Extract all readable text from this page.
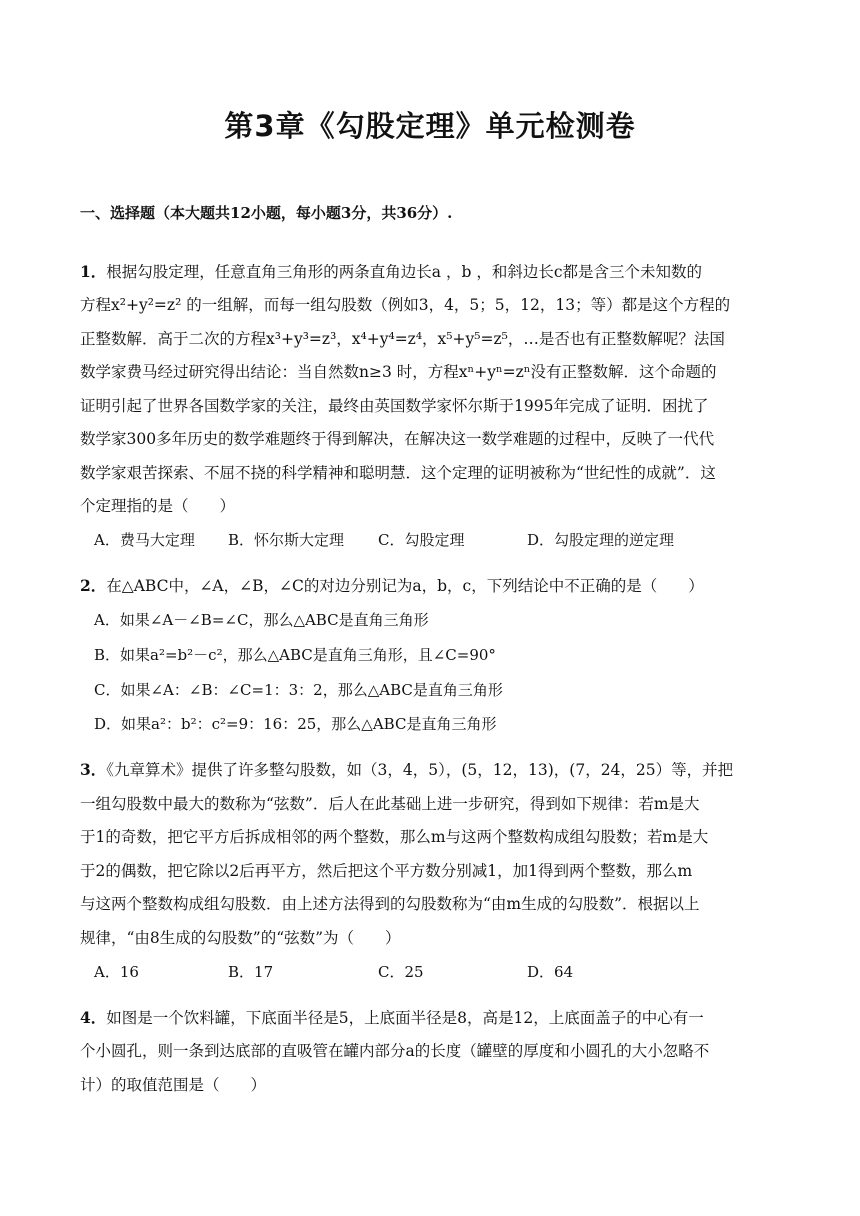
第3章《勾股定理》单元检测卷
一、选择题（本大题共12小题，每小题3分，共36分）.
1．根据勾股定理，任意直角三角形的两条直角边长a ，b ，和斜边长c都是含三个未知数的
方程x²+y²=z² 的一组解，而每一组勾股数（例如3，4，5；5，12，13；等）都是这个方程的
正整数解．高于二次的方程x³+y³=z³，x⁴+y⁴=z⁴，x⁵+y⁵=z⁵，…是否也有正整数解呢？法国
数学家费马经过研究得出结论：当自然数n≥3 时，方程xⁿ+yⁿ=zⁿ没有正整数解．这个命题的
证明引起了世界各国数学家的关注，最终由英国数学家怀尔斯于1995年完成了证明．困扰了
数学家300多年历史的数学难题终于得到解决，在解决这一数学难题的过程中，反映了一代代
数学家艰苦探索、不屈不挠的科学精神和聪明慧．这个定理的证明被称为“世纪性的成就”．这
个定理指的是（　　）
A．费马大定理 B．怀尔斯大定理 C．勾股定理	D．勾股定理的逆定理
2．在△ABC中，∠A，∠B，∠C的对边分别记为a，b，c，下列结论中不正确的是（　　）
A．如果∠A－∠B=∠C，那么△ABC是直角三角形
B．如果a²=b²－c²，那么△ABC是直角三角形，且∠C=90°
C．如果∠A：∠B：∠C=1：3：2，那么△ABC是直角三角形
D．如果a²：b²：c²=9：16：25，那么△ABC是直角三角形
3．《九章算术》提供了许多整勾股数，如（3，4，5），(5，12，13)，(7，24，25）等，并把
一组勾股数中最大的数称为“弦数”．后人在此基础上进一步研究，得到如下规律：若m是大
于1的奇数，把它平方后拆成相邻的两个整数，那么m与这两个整数构成组勾股数；若m是大
于2的偶数，把它除以2后再平方，然后把这个平方数分别减1，加1得到两个整数，那么m
与这两个整数构成组勾股数．由上述方法得到的勾股数称为“由m生成的勾股数”．根据以上
规律，“由8生成的勾股数”的“弦数”为（　　）
A．16	B．17	C．25	D．64
4．如图是一个饮料罐，下底面半径是5，上底面半径是8，高是12，上底面盖子的中心有一
个小圆孔，则一条到达底部的直吸管在罐内部分a的长度（罐壁的厚度和小圆孔的大小忽略不
计）的取值范围是（　　）
